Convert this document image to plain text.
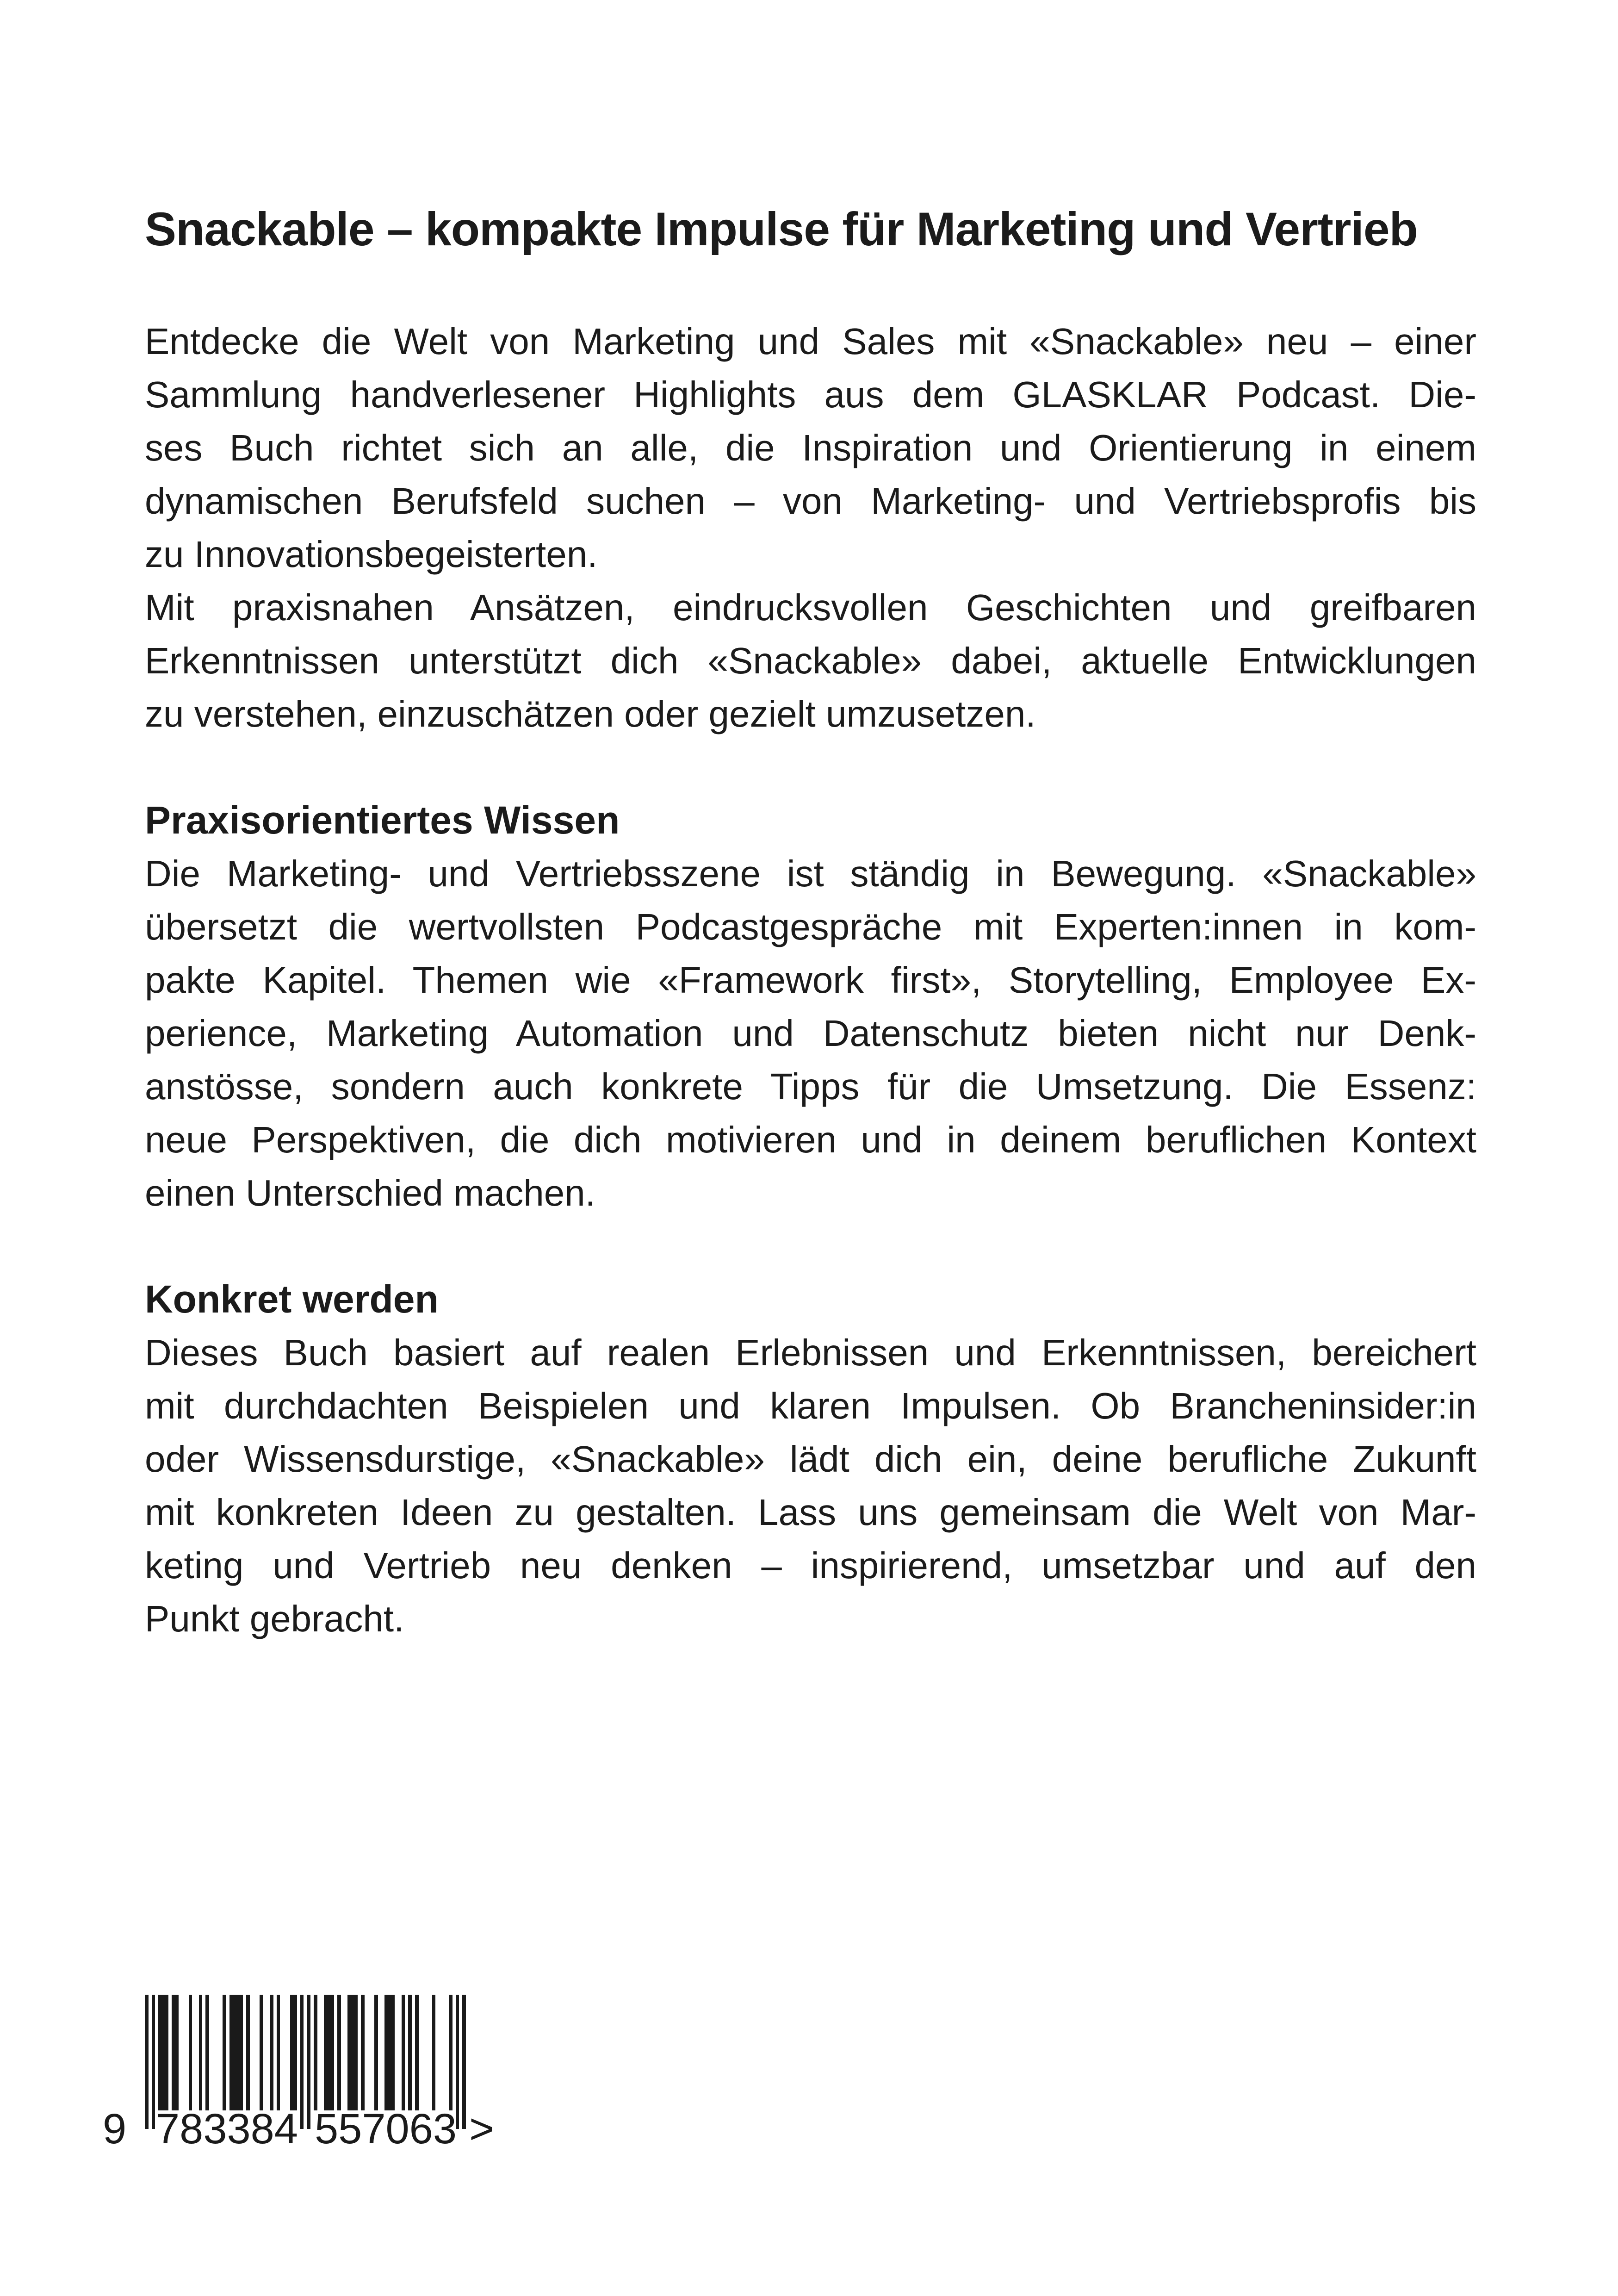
Snackable – kompakte Impulse für Marketing und Vertrieb
Entdecke die Welt von Marketing und Sales mit «Snackable» neu – einer
Sammlung handverlesener Highlights aus dem GLASKLAR Podcast. Die-
ses Buch richtet sich an alle, die Inspiration und Orientierung in einem
dynamischen Berufsfeld suchen – von Marketing- und Vertriebsprofis bis
zu Innovationsbegeisterten.
Mit praxisnahen Ansätzen, eindrucksvollen Geschichten und greifbaren
Erkenntnissen unterstützt dich «Snackable» dabei, aktuelle Entwicklungen
zu verstehen, einzuschätzen oder gezielt umzusetzen.
Praxisorientiertes Wissen
Die Marketing- und Vertriebsszene ist ständig in Bewegung. «Snackable»
übersetzt die wertvollsten Podcastgespräche mit Experten:innen in kom-
pakte Kapitel. Themen wie «Framework first», Storytelling, Employee Ex-
perience, Marketing Automation und Datenschutz bieten nicht nur Denk-
anstösse, sondern auch konkrete Tipps für die Umsetzung. Die Essenz:
neue Perspektiven, die dich motivieren und in deinem beruflichen Kontext
einen Unterschied machen.
Konkret werden
Dieses Buch basiert auf realen Erlebnissen und Erkenntnissen, bereichert
mit durchdachten Beispielen und klaren Impulsen. Ob Brancheninsider:in
oder Wissensdurstige, «Snackable» lädt dich ein, deine berufliche Zukunft
mit konkreten Ideen zu gestalten. Lass uns gemeinsam die Welt von Mar-
keting und Vertrieb neu denken – inspirierend, umsetzbar und auf den
Punkt gebracht.
9 783384 557063 >
